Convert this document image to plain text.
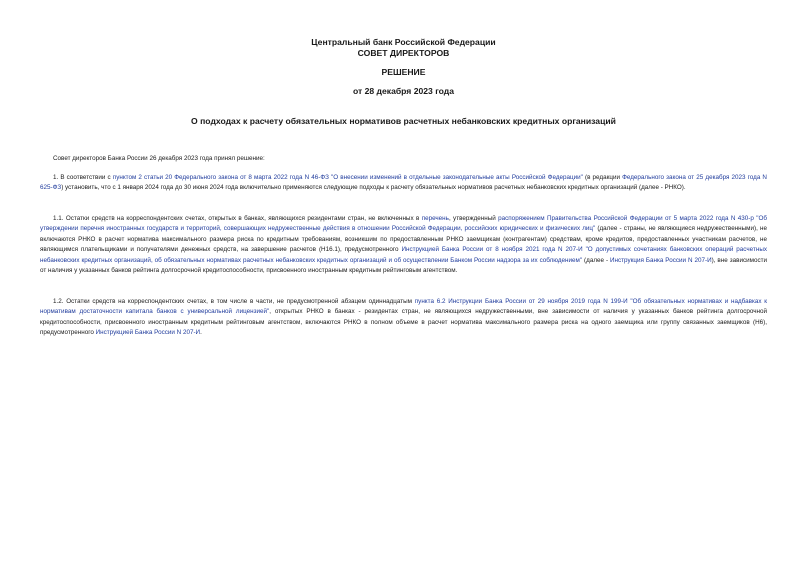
Центральный банк Российской Федерации
СОВЕТ ДИРЕКТОРОВ
РЕШЕНИЕ
от 28 декабря 2023 года
О подходах к расчету обязательных нормативов расчетных небанковских кредитных организаций
Совет директоров Банка России 26 декабря 2023 года принял решение:
1. В соответствии с пунктом 2 статьи 20 Федерального закона от 8 марта 2022 года N 46-ФЗ "О внесении изменений в отдельные законодательные акты Российской Федерации" (в редакции Федерального закона от 25 декабря 2023 года N 625-ФЗ) установить, что с 1 января 2024 года до 30 июня 2024 года включительно применяются следующие подходы к расчету обязательных нормативов расчетных небанковских кредитных организаций (далее - РНКО).
1.1. Остатки средств на корреспондентских счетах, открытых в банках, являющихся резидентами стран, не включенных в перечень, утвержденный распоряжением Правительства Российской Федерации от 5 марта 2022 года N 430-р "Об утверждении перечня иностранных государств и территорий, совершающих недружественные действия в отношении Российской Федерации, российских юридических и физических лиц" (далее - страны, не являющиеся недружественными), не включаются РНКО в расчет норматива максимального размера риска по кредитным требованиям, возникшим по предоставленным РНКО заемщикам (контрагентам) средствам, кроме кредитов, предоставленных участникам расчетов, не являющимся плательщиками и получателями денежных средств, на завершение расчетов (Н16.1), предусмотренного Инструкцией Банка России от 8 ноября 2021 года N 207-И "О допустимых сочетаниях банковских операций расчетных небанковских кредитных организаций, об обязательных нормативах расчетных небанковских кредитных организаций и об осуществлении Банком России надзора за их соблюдением" (далее - Инструкция Банка России N 207-И), вне зависимости от наличия у указанных банков рейтинга долгосрочной кредитоспособности, присвоенного иностранным кредитным рейтинговым агентством.
1.2. Остатки средств на корреспондентских счетах, в том числе в части, не предусмотренной абзацем одиннадцатым пункта 6.2 Инструкции Банка России от 29 ноября 2019 года N 199-И "Об обязательных нормативах и надбавках к нормативам достаточности капитала банков с универсальной лицензией", открытых РНКО в банках - резидентах стран, не являющихся недружественными, вне зависимости от наличия у указанных банков рейтинга долгосрочной кредитоспособности, присвоенного иностранным кредитным рейтинговым агентством, включаются РНКО в полном объеме в расчет норматива максимального размера риска на одного заемщика или группу связанных заемщиков (Н6), предусмотренного Инструкцией Банка России N 207-И.
